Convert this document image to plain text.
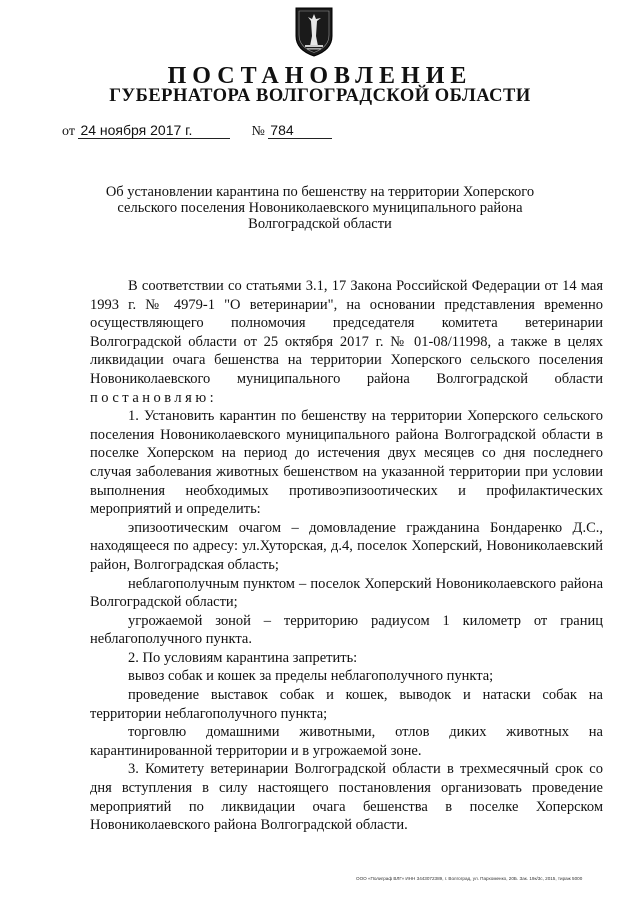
ПОСТАНОВЛЕНИЕ
ГУБЕРНАТОРА ВОЛГОГРАДСКОЙ ОБЛАСТИ
от 24 ноября 2017 г.	№ 784
Об установлении карантина по бешенству на территории Хоперского сельского поселения Новониколаевского муниципального района Волгоградской области

В соответствии со статьями 3.1, 17 Закона Российской Федерации от 14 мая 1993 г. № 4979-1 "О ветеринарии", на основании представления временно осуществляющего полномочия председателя комитета ветеринарии Волгоградской области от 25 октября 2017 г. № 01-08/11998, а также в целях ликвидации очага бешенства на территории Хоперского сельского поселения Новониколаевского муниципального района Волгоградской области постановляю:

1. Установить карантин по бешенству на территории Хоперского сельского поселения Новониколаевского муниципального района Волгоградской области в поселке Хоперском на период до истечения двух месяцев со дня последнего случая заболевания животных бешенством на указанной территории при условии выполнения необходимых противоэпизоотических и профилактических мероприятий и определить:

эпизоотическим очагом – домовладение гражданина Бондаренко Д.С., находящееся по адресу: ул.Хуторская, д.4, поселок Хоперский, Новониколаевский район, Волгоградская область;

неблагополучным пунктом – поселок Хоперский Новониколаевского района Волгоградской области;

угрожаемой зоной – территорию радиусом 1 километр от границ неблагополучного пункта.

2. По условиям карантина запретить:

вывоз собак и кошек за пределы неблагополучного пункта;

проведение выставок собак и кошек, выводок и натаски собак на территории неблагополучного пункта;

торговлю домашними животными, отлов диких животных на карантинированной территории и в угрожаемой зоне.

3. Комитету ветеринарии Волгоградской области в трехмесячный срок со дня вступления в силу настоящего постановления организовать проведение мероприятий по ликвидации очага бешенства в поселке Хоперском Новониколаевского района Волгоградской области.

ООО «Полиграф ВЛГ» ИНН 3443072389, г. Волгоград, ул. Пархоменко, 20Б. Зак. 19к/3с, 2015, тираж 5000
